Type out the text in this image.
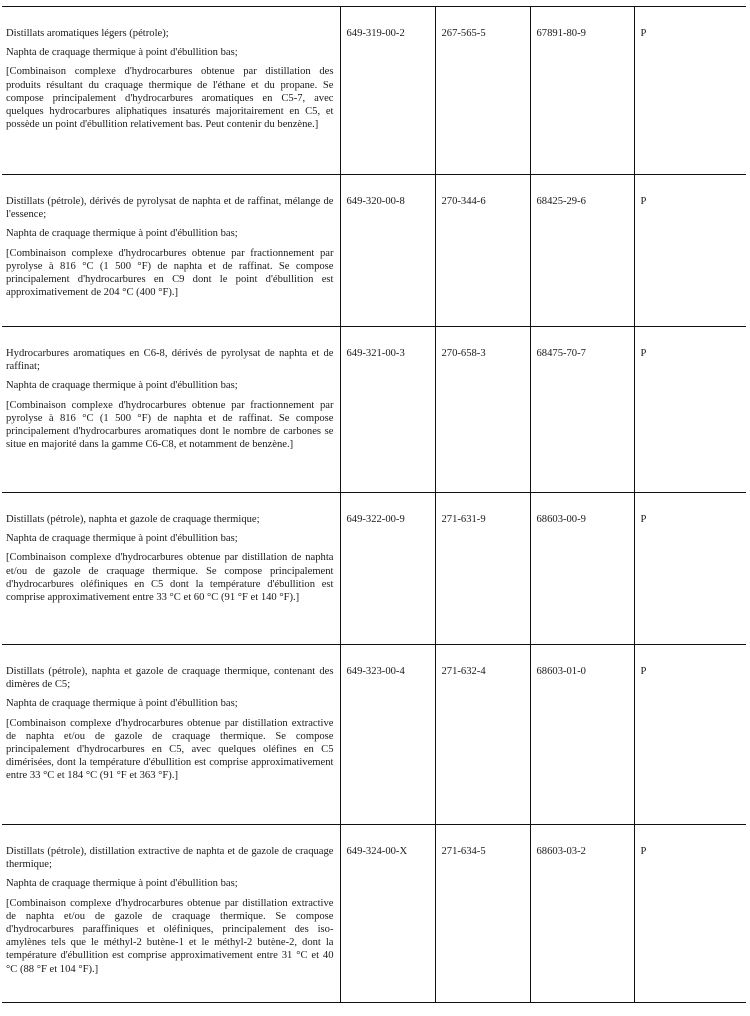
Distillats aromatiques légers (pétrole);

Naphta de craquage thermique à point d'ébullition bas;

[Combinaison complexe d'hydrocarbures obtenue par distillation des produits résultant du craquage thermique de l'éthane et du propane. Se compose principalement d'hydrocarbures aromatiques en C5-7, avec quelques hydrocarbures aliphatiques insaturés majoritairement en C5, et possède un point d'ébullition relativement bas. Peut contenir du benzène.]	649-319-00-2	267-565-5	67891-80-9	P

Distillats (pétrole), dérivés de pyrolysat de naphta et de raffinat, mélange de l'essence;

Naphta de craquage thermique à point d'ébullition bas;

[Combinaison complexe d'hydrocarbures obtenue par fractionnement par pyrolyse à 816 °C (1 500 °F) de naphta et de raffinat. Se compose principalement d'hydrocarbures en C9 dont le point d'ébullition est approximativement de 204 °C (400 °F).]	649-320-00-8	270-344-6	68425-29-6	P

Hydrocarbures aromatiques en C6-8, dérivés de pyrolysat de naphta et de raffinat;

Naphta de craquage thermique à point d'ébullition bas;

[Combinaison complexe d'hydrocarbures obtenue par fractionnement par pyrolyse à 816 °C (1 500 °F) de naphta et de raffinat. Se compose principalement d'hydrocarbures aromatiques dont le nombre de carbones se situe en majorité dans la gamme C6-C8, et notamment de benzène.]	649-321-00-3	270-658-3	68475-70-7	P

Distillats (pétrole), naphta et gazole de craquage thermique;

Naphta de craquage thermique à point d'ébullition bas;

[Combinaison complexe d'hydrocarbures obtenue par distillation de naphta et/ou de gazole de craquage thermique. Se compose principalement d'hydrocarbures oléfiniques en C5 dont la température d'ébullition est comprise approximativement entre 33 °C et 60 °C (91 °F et 140 °F).]	649-322-00-9	271-631-9	68603-00-9	P

Distillats (pétrole), naphta et gazole de craquage thermique, contenant des dimères de C5;

Naphta de craquage thermique à point d'ébullition bas;

[Combinaison complexe d'hydrocarbures obtenue par distillation extractive de naphta et/ou de gazole de craquage thermique. Se compose principalement d'hydrocarbures en C5, avec quelques oléfines en C5 dimérisées, dont la température d'ébullition est comprise approximativement entre 33 °C et 184 °C (91 °F et 363 °F).]	649-323-00-4	271-632-4	68603-01-0	P

Distillats (pétrole), distillation extractive de naphta et de gazole de craquage thermique;

Naphta de craquage thermique à point d'ébullition bas;

[Combinaison complexe d'hydrocarbures obtenue par distillation extractive de naphta et/ou de gazole de craquage thermique. Se compose d'hydrocarbures paraffiniques et oléfiniques, principalement des iso-amylènes tels que le méthyl-2 butène-1 et le méthyl-2 butène-2, dont la température d'ébullition est comprise approximativement entre 31 °C et 40 °C (88 °F et 104 °F).]	649-324-00-X	271-634-5	68603-03-2	P
